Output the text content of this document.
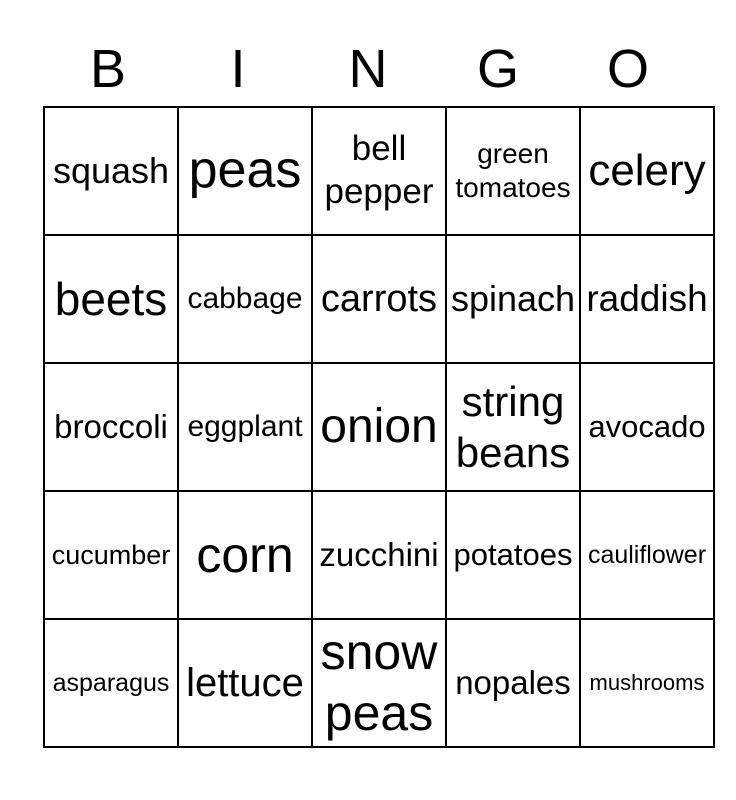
B	I	N	G	O
squash	peas	bell pepper	green tomatoes	celery
beets	cabbage	carrots	spinach	raddish
broccoli	eggplant	onion	string beans	avocado
cucumber	corn	zucchini	potatoes	cauliflower
asparagus	lettuce	snow peas	nopales	mushrooms
